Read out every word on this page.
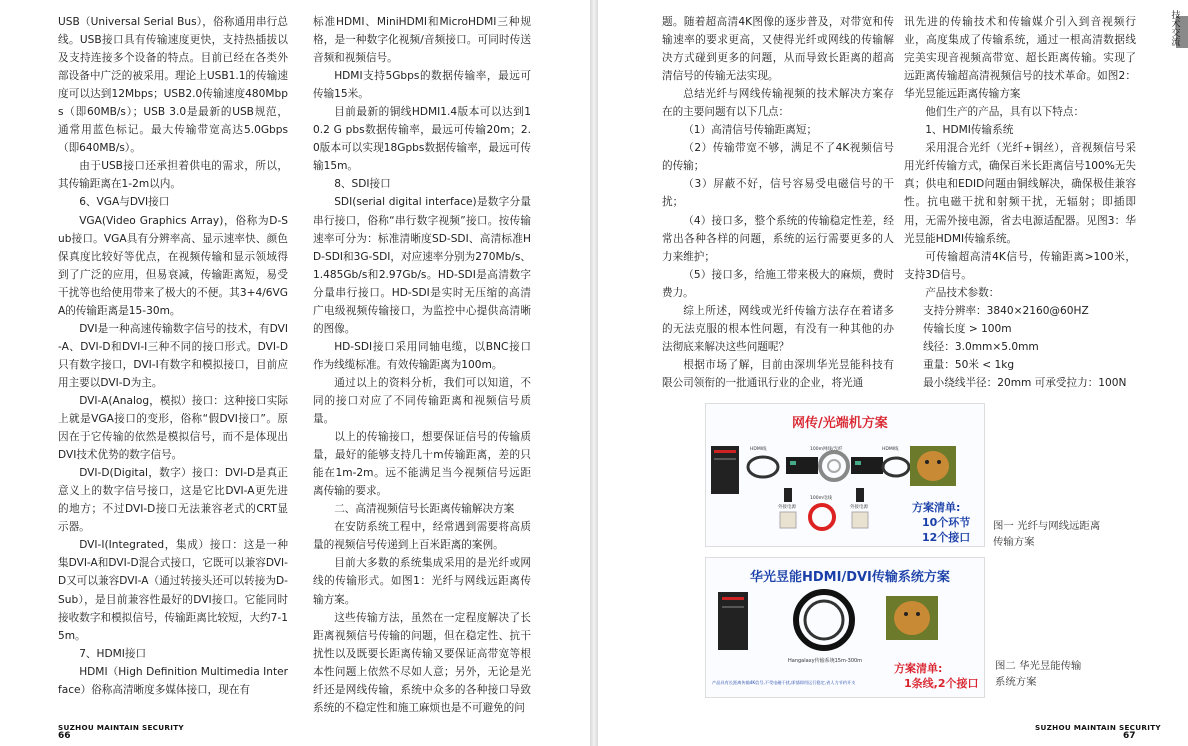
USB（Universal Serial Bus），俗称通用串行总线。USB接口具有传输速度更快，支持热插拔以及支持连接多个设备的特点。目前已经在各类外部设备中广泛的被采用。理论上USB1.1的传输速度可以达到12Mbps；USB2.0传输速度480Mbps（即60MB/s）；USB 3.0是最新的USB规范，通常用蓝色标记。最大传输带宽高达5.0Gbps（即640MB/s）。

由于USB接口还承担着供电的需求，所以，其传输距离在1-2m以内。

6、VGA与DVI接口

VGA(Video Graphics Array)，俗称为D-Sub接口。VGA具有分辨率高、显示速率快、颜色保真度比较好等优点，在视频传输和显示领域得到了广泛的应用，但易衰减，传输距离短，易受干扰等也给使用带来了极大的不便。其3+4/6VGA的传输距离是15-30m。

DVI是一种高速传输数字信号的技术，有DVI-A、DVI-D和DVI-I三种不同的接口形式。DVI-D只有数字接口，DVI-I有数字和模拟接口，目前应用主要以DVI-D为主。

DVI-A(Analog，模拟）接口：这种接口实际上就是VGA接口的变形，俗称“假DVI接口”。原因在于它传输的依然是模拟信号，而不是体现出DVI技术优势的数字信号。

DVI-D(Digital，数字）接口：DVI-D是真正意义上的数字信号接口，这是它比DVI-A更先进的地方；不过DVI-D接口无法兼容老式的CRT显示器。

DVI-I(Integrated，集成）接口：这是一种集DVI-A和DVI-D混合式接口，它既可以兼容DVI-D又可以兼容DVI-A（通过转接头还可以转接为D-Sub），是目前兼容性最好的DVI接口。它能同时接收数字和模拟信号，传输距离比较短，大约7-15m。

7、HDMI接口

HDMI（High Definition Multimedia Interface）俗称高清晰度多媒体接口，现在有

标准HDMI、MiniHDMI和MicroHDMI三种规格，是一种数字化视频/音频接口。可同时传送音频和视频信号。

HDMI支持5Gbps的数据传输率，最远可传输15米。

目前最新的铜线HDMI1.4版本可以达到10.2 G pbs数据传输率，最远可传输20m；2.0版本可以实现18Gpbs数据传输率，最远可传输15m。

8、SDI接口

SDI(serial digital interface)是数字分量串行接口，俗称“串行数字视频”接口。按传输速率可分为：标准清晰度SD-SDI、高清标准HD-SDI和3G-SDI，对应速率分别为270Mb/s、1.485Gb/s和2.97Gb/s。HD-SDI是高清数字分量串行接口。HD-SDI是实时无压缩的高清广电级视频传输接口，为监控中心提供高清晰的图像。

HD-SDI接口采用同轴电缆，以BNC接口作为线缆标准。有效传输距离为100m。

通过以上的资料分析，我们可以知道，不同的接口对应了不同传输距离和视频信号质量。

以上的传输接口，想要保证信号的传输质量，最好的能够支持几十m传输距离，差的只能在1m-2m。远不能满足当今视频信号远距离传输的要求。

二、高清视频信号长距离传输解决方案

在安防系统工程中，经常遇到需要将高质量的视频信号传递到上百米距离的案例。

目前大多数的系统集成采用的是光纤或网线的传输形式。如图1：光纤与网线远距离传输方案。

这些传输方法，虽然在一定程度解决了长距离视频信号传输的问题，但在稳定性、抗干扰性以及既要长距离传输又要保证高带宽等根本性问题上依然不尽如人意；另外，无论是光纤还是网线传输，系统中众多的各种接口导致系统的不稳定性和施工麻烦也是不可避免的问

SUZHOU MAINTAIN SECURITY
66

题。随着超高清4K图像的逐步普及，对带宽和传输速率的要求更高，又使得光纤或网线的传输解决方式碰到更多的问题，从而导致长距离的超高清信号的传输无法实现。

总结光纤与网线传输视频的技术解决方案存在的主要问题有以下几点：

（1）高清信号传输距离短；

（2）传输带宽不够，满足不了4K视频信号的传输；

（3）屏蔽不好，信号容易受电磁信号的干扰；

（4）接口多，整个系统的传输稳定性差，经常出各种各样的问题，系统的运行需要更多的人力来维护；

（5）接口多，给施工带来极大的麻烦，费时费力。

综上所述，网线或光纤传输方法存在着诸多的无法克服的根本性问题，有没有一种其他的办法彻底来解决这些问题呢？

根据市场了解，目前由深圳华光昱能科技有限公司领衔的一批通讯行业的企业，将光通

讯先进的传输技术和传输媒介引入到音视频行业，高度集成了传输系统，通过一根高清数据线完美实现音视频高带宽、超长距离传输。实现了远距离传输超高清视频信号的技术革命。如图2：华光昱能远距离传输方案

他们生产的产品，具有以下特点：

1、HDMI传输系统

采用混合光纤（光纤+铜丝），音视频信号采用光纤传输方式，确保百米长距离信号100%无失真；供电和EDID问题由铜线解决，确保极佳兼容性。抗电磁干扰和射频干扰，无辐射；即插即用，无需外接电源，省去电源适配器。见图3：华光昱能HDMI传输系统。

可传输超高清4K信号，传输距离>100米，支持3D信号。

产品技术参数：

支持分辨率：3840×2160@60HZ

传输长度 > 100m

线径：3.0mm×5.0mm

重量：50米 < 1kg

最小绕线半径：20mm 可承受拉力：100N

SUZHOU MAINTAIN SECURITY
67
技术交流
网传/光端机方案
HDMI线	100m网线/光纤	HDMI线
外接电源	外接电源
100m电线
方案清单:
10个环节
12个接口
图一 光纤与网线远距离
传输方案
华光昱能HDMI/DVI传输系统方案
Hangalaxy传输系统15m-300m
产品具有长距离传输4K信号,不受电磁干扰,即插即用运行稳定,省人力节约开支
方案清单:
1条线,2个接口
图二 华光昱能传输
系统方案
